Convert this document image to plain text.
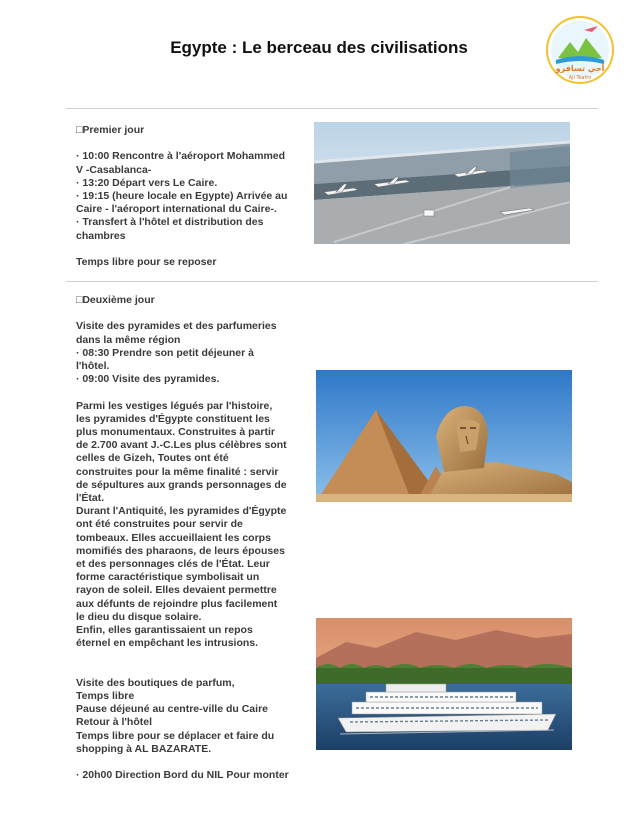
Egypte : Le berceau des civilisations
أجي تسافرو
Aji Tsafro
□Premier jour
· 10:00 Rencontre à l'aéroport Mohammed
V -Casablanca-
· 13:20 Départ vers Le Caire.
· 19:15 (heure locale en Egypte) Arrivée au
Caire - l'aéroport international du Caire-.
· Transfert à l'hôtel et distribution des
chambres
Temps libre pour se reposer
□Deuxième jour
Visite des pyramides et des parfumeries
dans la même région
· 08:30 Prendre son petit déjeuner à
l'hôtel.
· 09:00 Visite des pyramides.
Parmi les vestiges légués par l'histoire,
les pyramides d'Égypte constituent les
plus monumentaux. Construites à partir
de 2.700 avant J.-C.Les plus célèbres sont
celles de Gizeh, Toutes ont été
construites pour la même finalité : servir
de sépultures aux grands personnages de
l'État.
Durant l'Antiquité, les pyramides d'Égypte
ont été construites pour servir de
tombeaux. Elles accueillaient les corps
momifiés des pharaons, de leurs épouses
et des personnages clés de l'État. Leur
forme caractéristique symbolisait un
rayon de soleil. Elles devaient permettre
aux défunts de rejoindre plus facilement
le dieu du disque solaire.
Enfin, elles garantissaient un repos
éternel en empêchant les intrusions.
Visite des boutiques de parfum,
Temps libre
Pause déjeuné au centre-ville du Caire
Retour à l'hôtel
Temps libre pour se déplacer et faire du
shopping à AL BAZARATE.
· 20h00 Direction Bord du NIL Pour monter
